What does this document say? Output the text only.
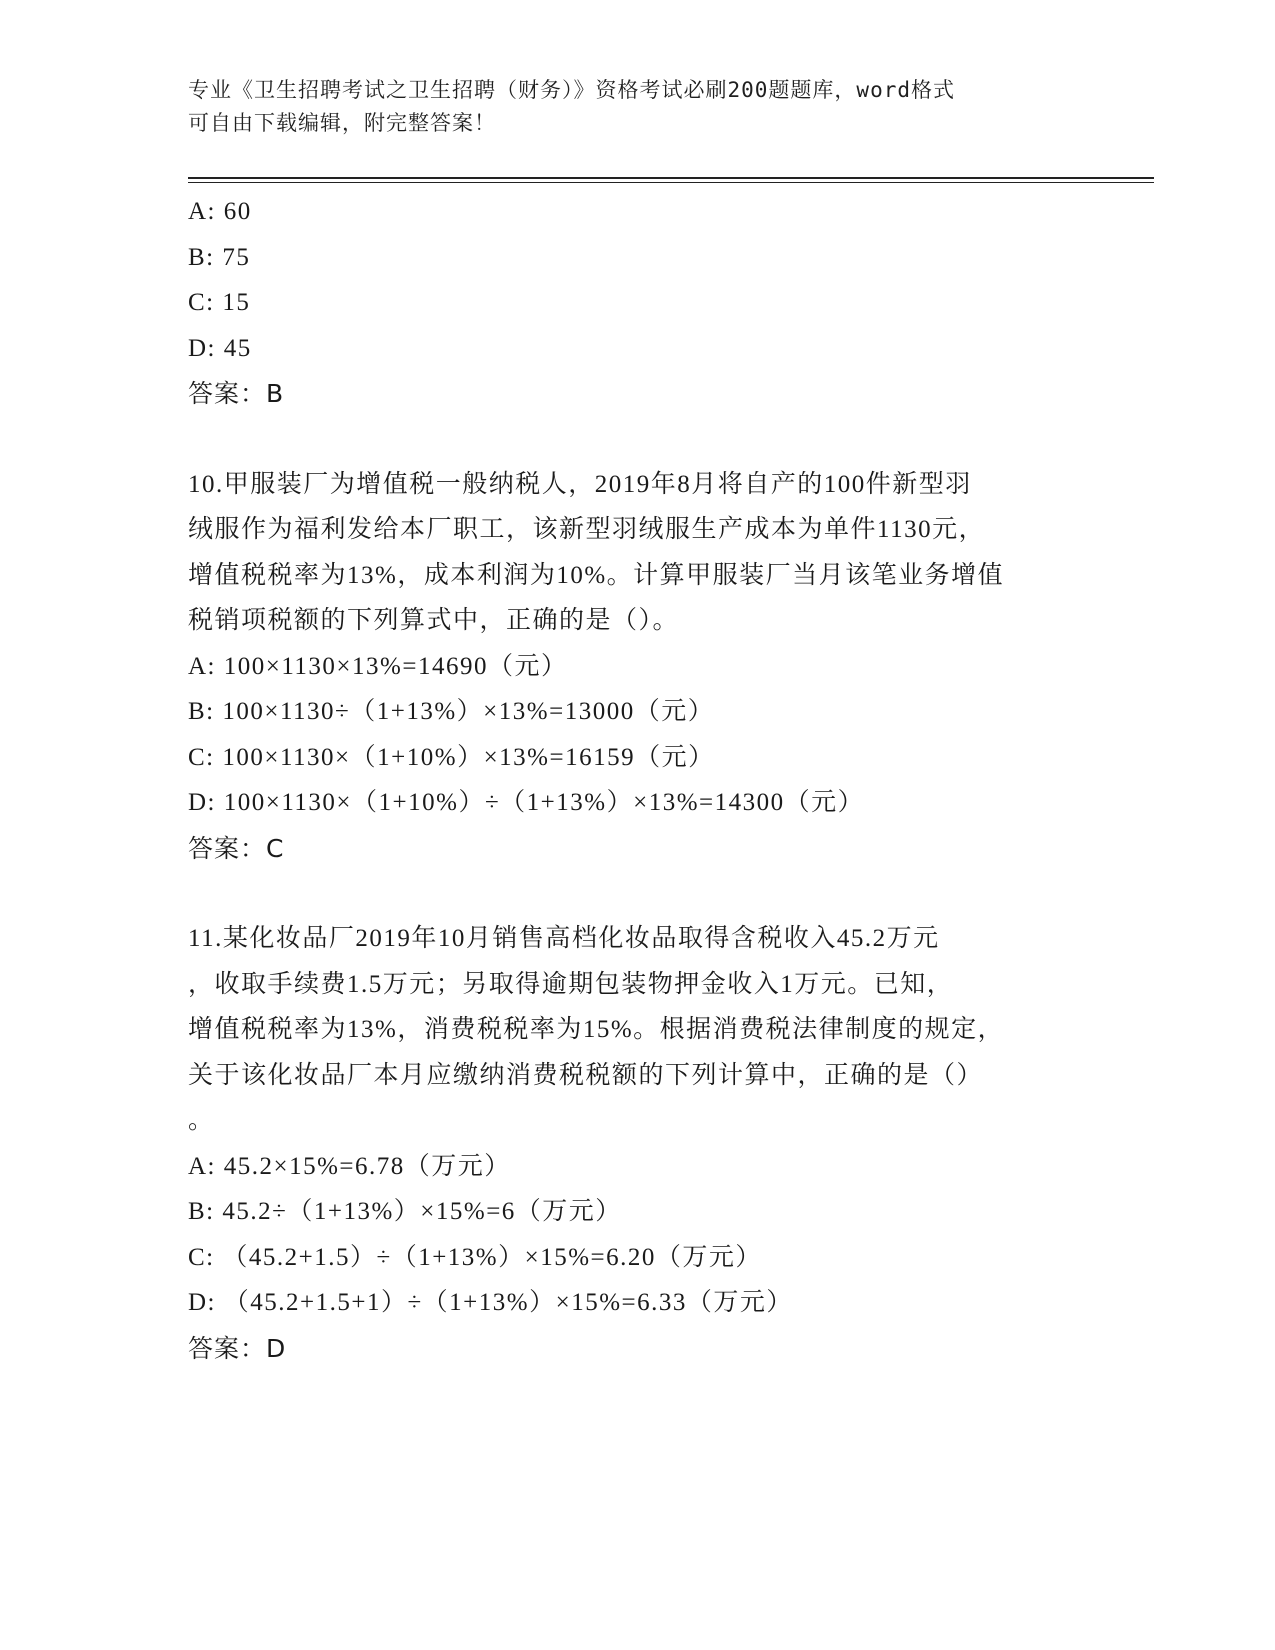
专业《卫生招聘考试之卫生招聘（财务）》资格考试必刷200题题库，word格式
可自由下载编辑，附完整答案！
A: 60
B: 75
C: 15
D: 45
答案：B
10.甲服装厂为增值税一般纳税人，2019年8月将自产的100件新型羽
绒服作为福利发给本厂职工，该新型羽绒服生产成本为单件1130元，
增值税税率为13%，成本利润为10%。计算甲服装厂当月该笔业务增值
税销项税额的下列算式中，正确的是（）。
A: 100×1130×13%=14690（元）
B: 100×1130÷（1+13%）×13%=13000（元）
C: 100×1130×（1+10%）×13%=16159（元）
D: 100×1130×（1+10%）÷（1+13%）×13%=14300（元）
答案：C
11.某化妆品厂2019年10月销售高档化妆品取得含税收入45.2万元
，收取手续费1.5万元；另取得逾期包装物押金收入1万元。已知，
增值税税率为13%，消费税税率为15%。根据消费税法律制度的规定，
关于该化妆品厂本月应缴纳消费税税额的下列计算中，正确的是（）
。
A: 45.2×15%=6.78（万元）
B: 45.2÷（1+13%）×15%=6（万元）
C: （45.2+1.5）÷（1+13%）×15%=6.20（万元）
D: （45.2+1.5+1）÷（1+13%）×15%=6.33（万元）
答案：D
